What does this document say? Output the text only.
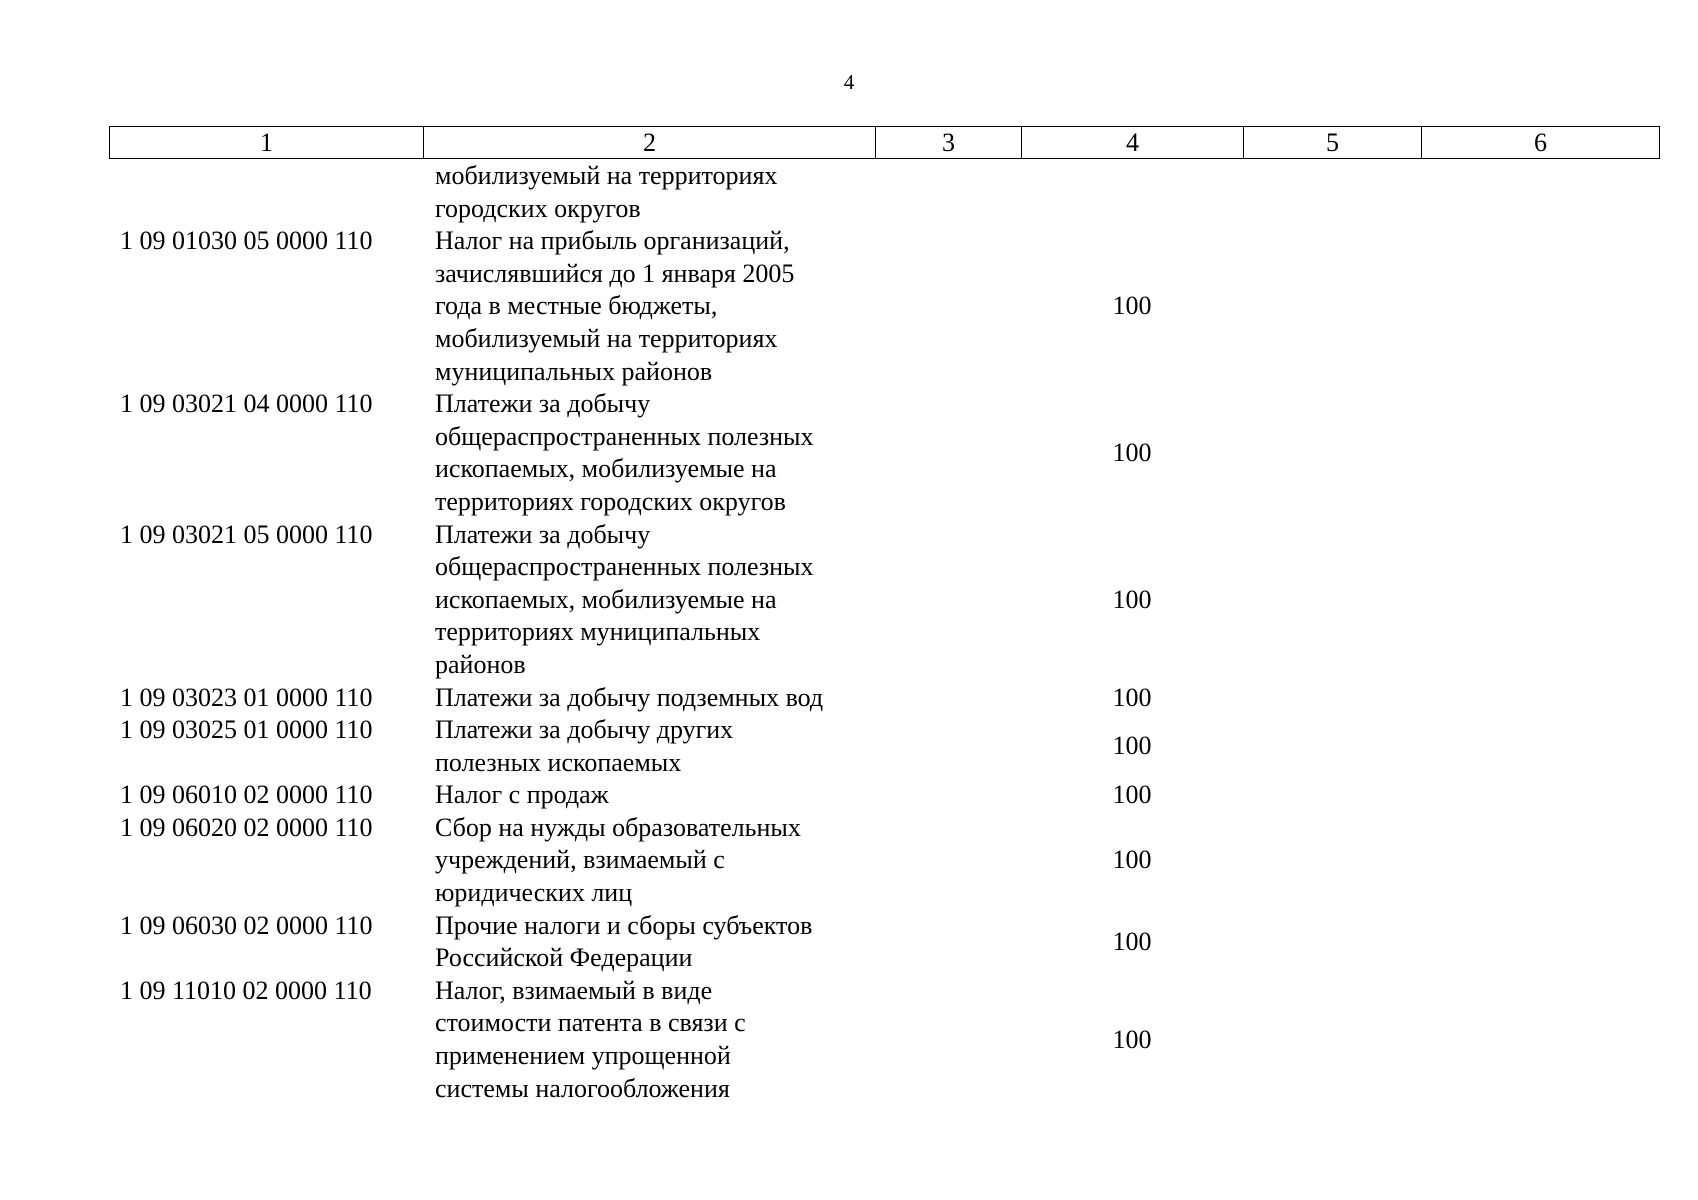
4
1	2	3	4	5	6

	мобилизуемый на территориях
городских округов				

1 09 01030 05 0000 110	Налог на прибыль организаций,
зачислявшийся до 1 января 2005
года в местные бюджеты,
мобилизуемый на территориях
муниципальных районов		100		
1 09 03021 04 0000 110	Платежи за добычу
общераспространенных полезных
ископаемых, мобилизуемые на
территориях городских округов		100		
1 09 03021 05 0000 110	Платежи за добычу
общераспространенных полезных
ископаемых, мобилизуемые на
территориях муниципальных
районов		100		
1 09 03023 01 0000 110	Платежи за добычу подземных вод		100		
1 09 03025 01 0000 110	Платежи за добычу других
полезных ископаемых		100		
1 09 06010 02 0000 110	Налог с продаж		100		
1 09 06020 02 0000 110	Сбор на нужды образовательных
учреждений, взимаемый с
юридических лиц		100		
1 09 06030 02 0000 110	Прочие налоги и сборы субъектов
Российской Федерации		100		
1 09 11010 02 0000 110	Налог, взимаемый в виде
стоимости патента в связи с
применением упрощенной
системы налогообложения		100		
